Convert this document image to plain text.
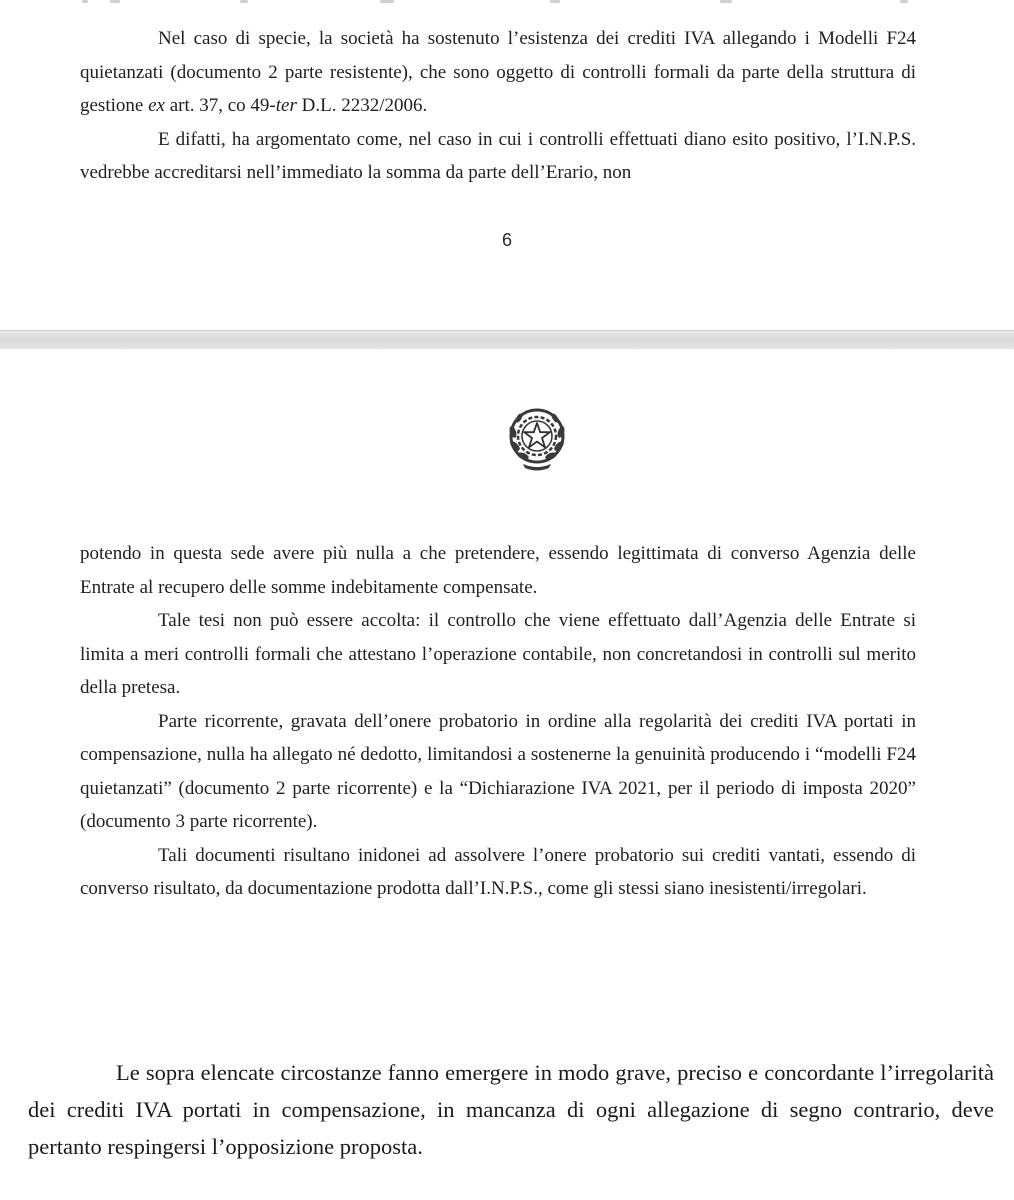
Nel caso di specie, la società ha sostenuto l’esistenza dei crediti IVA allegando i Modelli F24 quietanzati (documento 2 parte resistente), che sono oggetto di controlli formali da parte della struttura di gestione ex art. 37, co 49-ter D.L. 2232/2006.

E difatti, ha argomentato come, nel caso in cui i controlli effettuati diano esito positivo, l’I.N.P.S. vedrebbe accreditarsi nell’immediato la somma da parte dell’Erario, non

6

potendo in questa sede avere più nulla a che pretendere, essendo legittimata di converso Agenzia delle Entrate al recupero delle somme indebitamente compensate.

Tale tesi non può essere accolta: il controllo che viene effettuato dall’Agenzia delle Entrate si limita a meri controlli formali che attestano l’operazione contabile, non concretandosi in controlli sul merito della pretesa.

Parte ricorrente, gravata dell’onere probatorio in ordine alla regolarità dei crediti IVA portati in compensazione, nulla ha allegato né dedotto, limitandosi a sostenerne la genuinità producendo i “modelli F24 quietanzati” (documento 2 parte ricorrente) e la “Dichiarazione IVA 2021, per il periodo di imposta 2020” (documento 3 parte ricorrente).

Tali documenti risultano inidonei ad assolvere l’onere probatorio sui crediti vantati, essendo di converso risultato, da documentazione prodotta dall’I.N.P.S., come gli stessi siano inesistenti/irregolari.

Le sopra elencate circostanze fanno emergere in modo grave, preciso e concordante l’irregolarità dei crediti IVA portati in compensazione, in mancanza di ogni allegazione di segno contrario, deve pertanto respingersi l’opposizione proposta.
